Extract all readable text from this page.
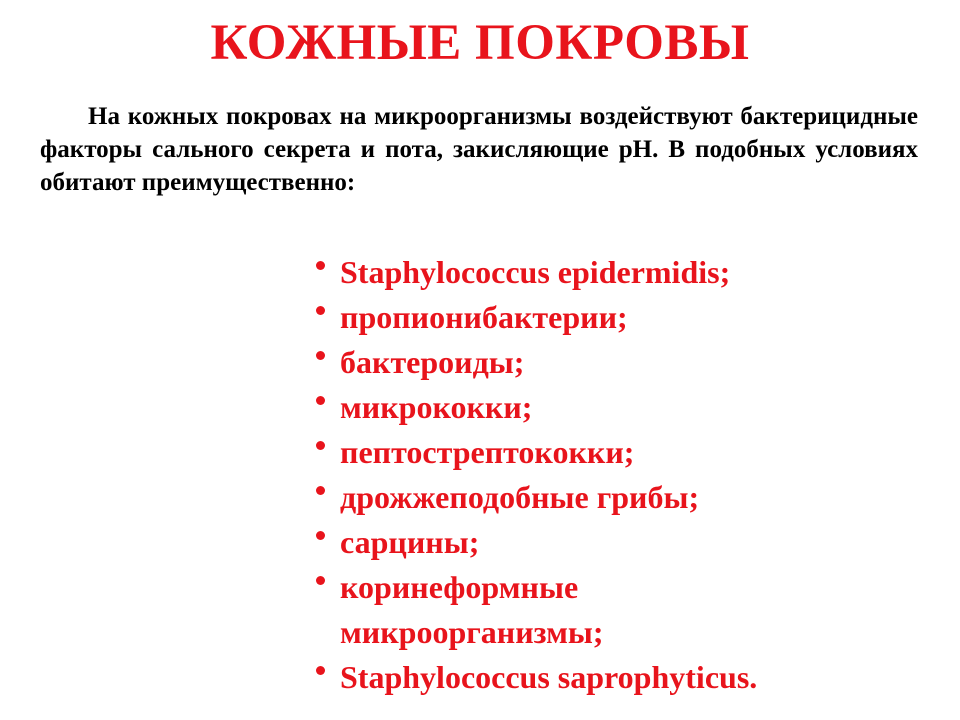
КОЖНЫЕ ПОКРОВЫ
На кожных покровах на микроорганизмы воздействуют бактерицидные факторы сального секрета и пота, закисляющие pH. В подобных условиях обитают преимущественно:
Staphylococcus epidermidis;
пропионибактерии;
бактероиды;
микрококки;
пептострептококки;
дрожжеподобные грибы;
сарцины;
коринеформные микроорганизмы;
Staphylococcus saprophyticus.
